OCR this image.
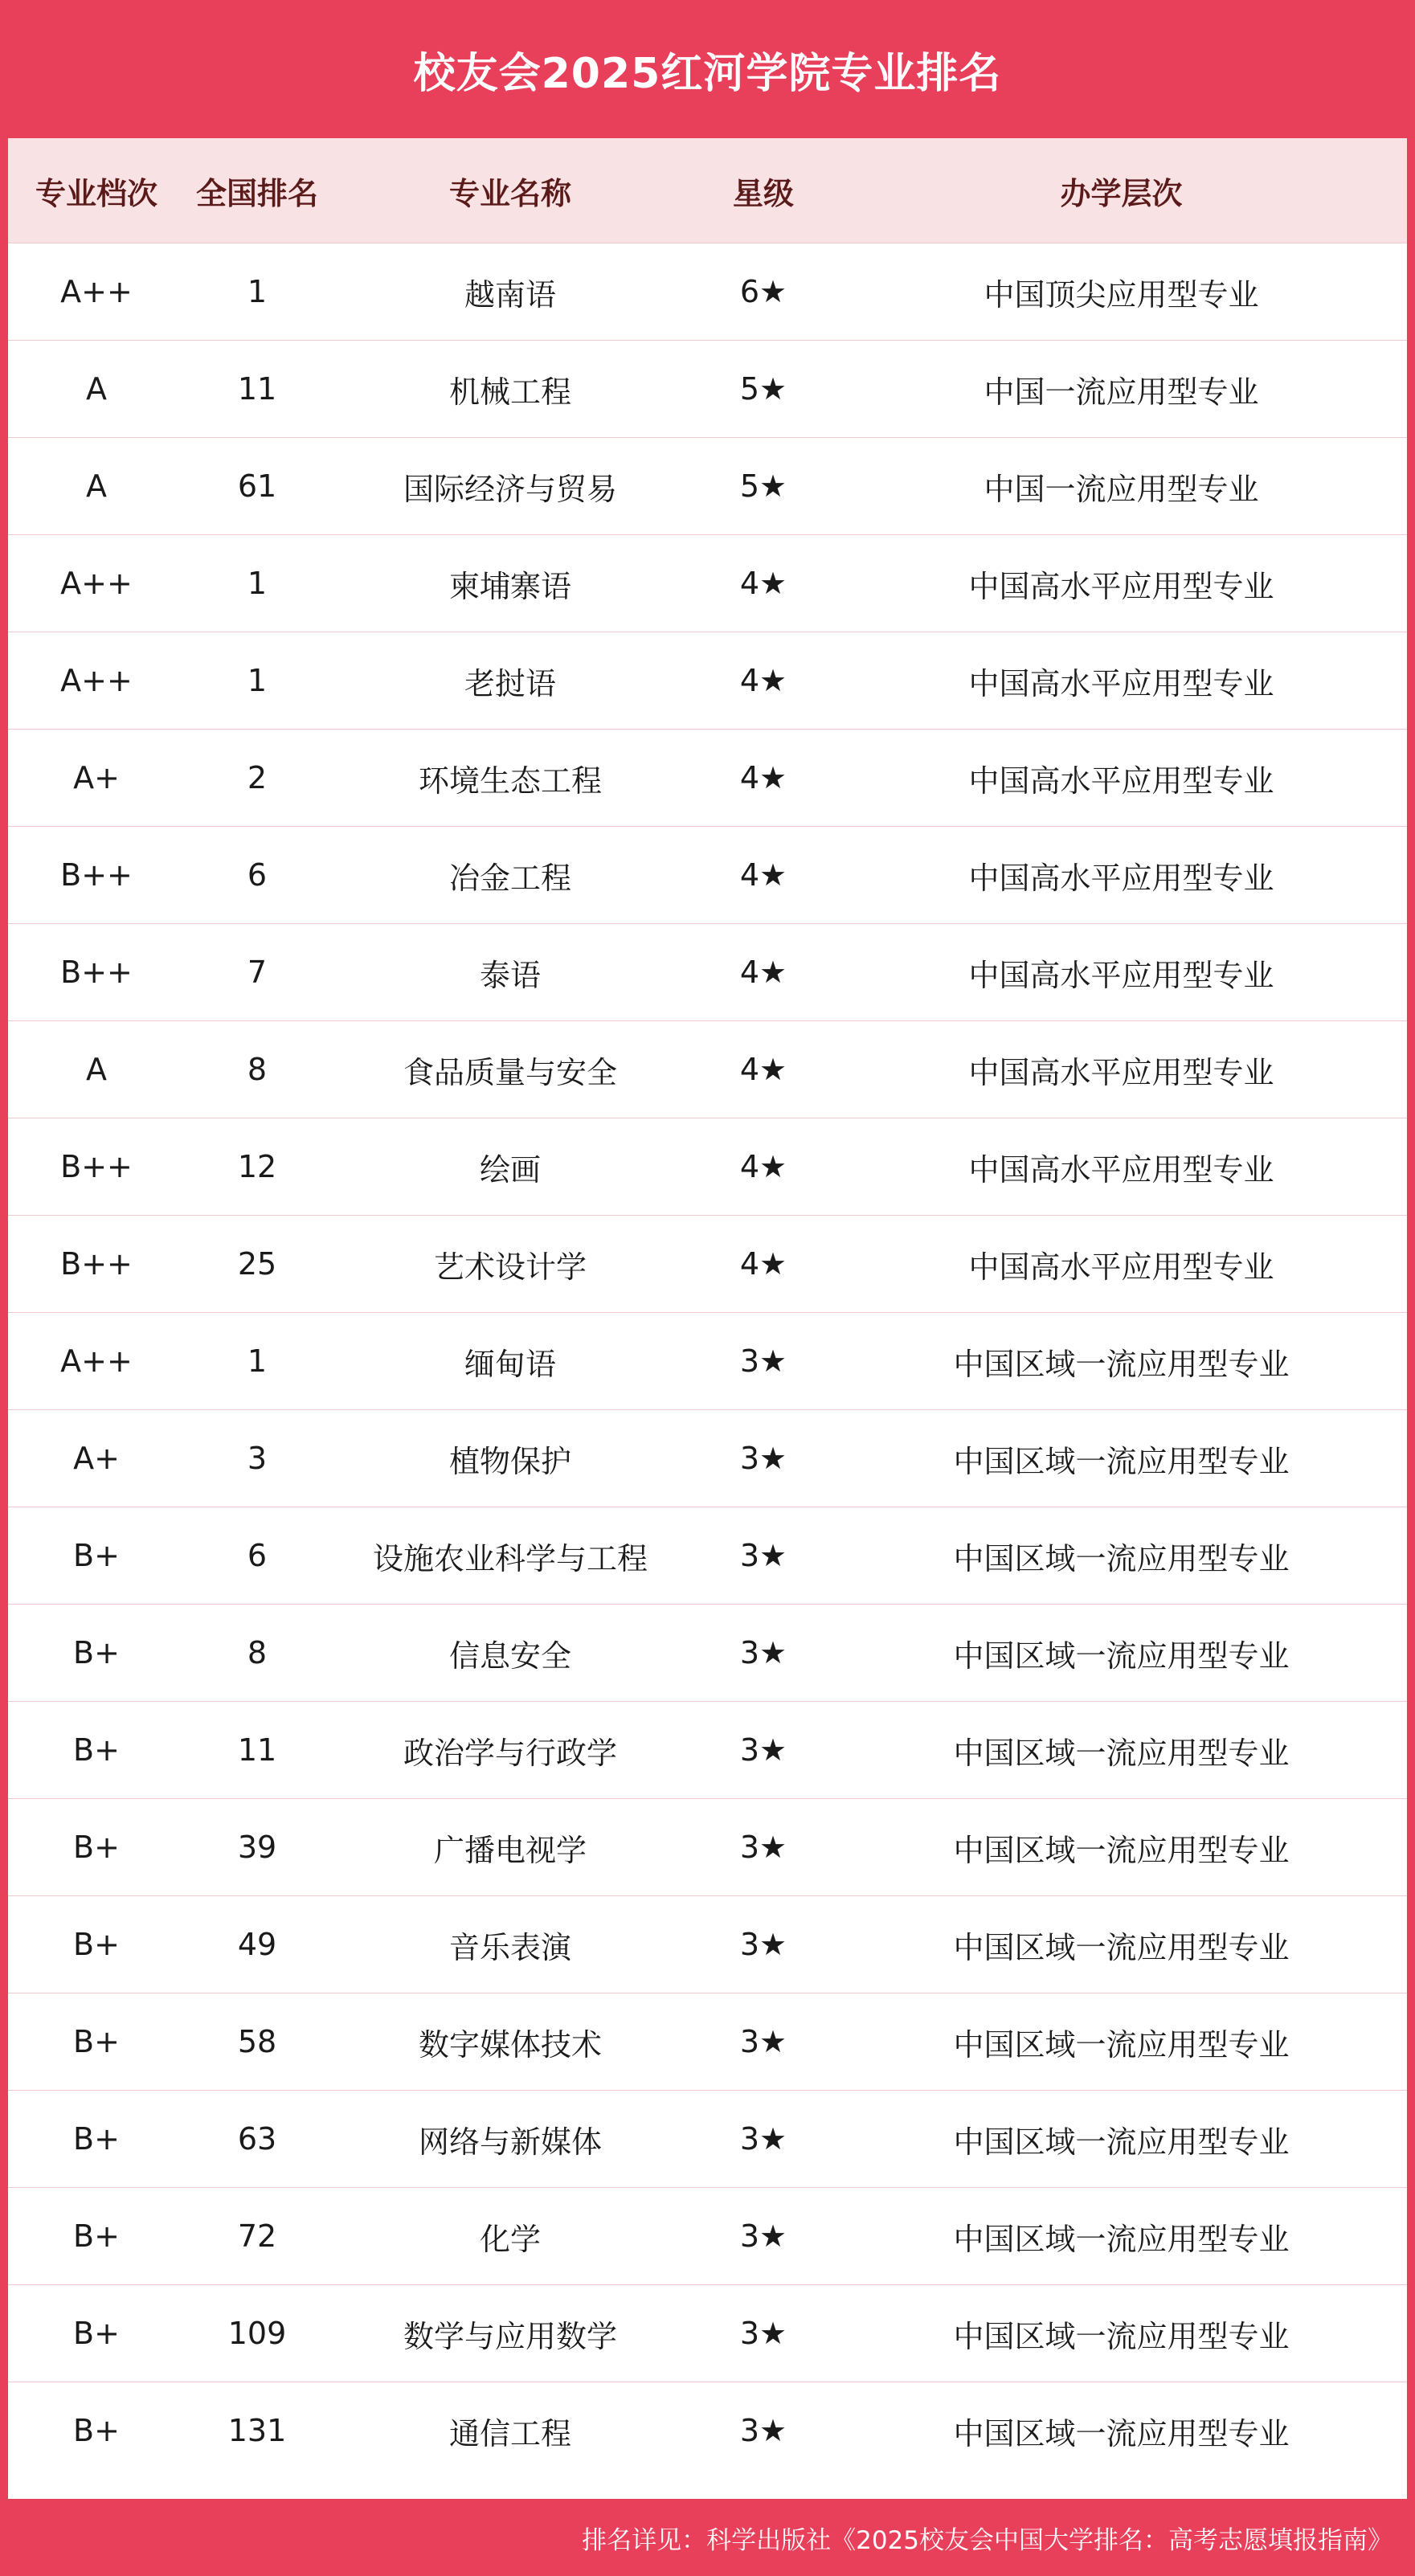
校友会2025红河学院专业排名
专业档次	全国排名	专业名称	星级	办学层次
A++	1	越南语	6★	中国顶尖应用型专业
A	11	机械工程	5★	中国一流应用型专业
A	61	国际经济与贸易	5★	中国一流应用型专业
A++	1	柬埔寨语	4★	中国高水平应用型专业
A++	1	老挝语	4★	中国高水平应用型专业
A+	2	环境生态工程	4★	中国高水平应用型专业
B++	6	冶金工程	4★	中国高水平应用型专业
B++	7	泰语	4★	中国高水平应用型专业
A	8	食品质量与安全	4★	中国高水平应用型专业
B++	12	绘画	4★	中国高水平应用型专业
B++	25	艺术设计学	4★	中国高水平应用型专业
A++	1	缅甸语	3★	中国区域一流应用型专业
A+	3	植物保护	3★	中国区域一流应用型专业
B+	6	设施农业科学与工程	3★	中国区域一流应用型专业
B+	8	信息安全	3★	中国区域一流应用型专业
B+	11	政治学与行政学	3★	中国区域一流应用型专业
B+	39	广播电视学	3★	中国区域一流应用型专业
B+	49	音乐表演	3★	中国区域一流应用型专业
B+	58	数字媒体技术	3★	中国区域一流应用型专业
B+	63	网络与新媒体	3★	中国区域一流应用型专业
B+	72	化学	3★	中国区域一流应用型专业
B+	109	数学与应用数学	3★	中国区域一流应用型专业
B+	131	通信工程	3★	中国区域一流应用型专业
排名详见：科学出版社《2025校友会中国大学排名：高考志愿填报指南》
